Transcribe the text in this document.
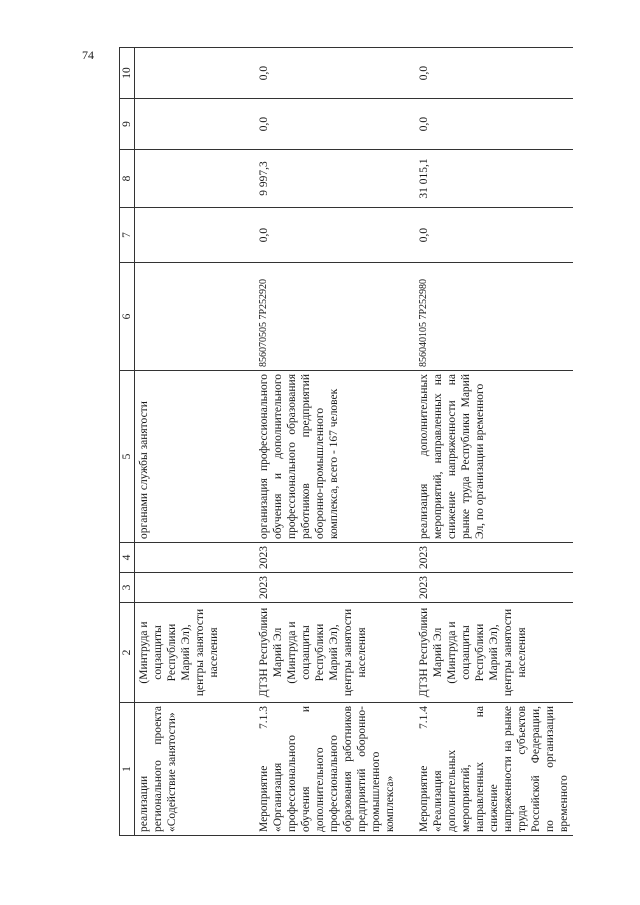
74
1	2	3	4	5	6	7	8	9	10
реализации регионального проекта «Содействие занятости»	(Минтруда и соцзащиты Республики Марий Эл), центры занятости населения			органами службы занятости					
Мероприятие 7.1.3 «Организация профессионального обучения и дополнительного профессионального образования работников предприятий оборонно-промышленного комплекса»	ДТЗН Республики Марий Эл (Минтруда и соцзащиты Республики Марий Эл), центры занятости населения	2023	2023	организация профессионального обучения и дополнительного профессионального образования работников предприятий оборонно-промышленного комплекса, всего - 167 человек	856070505 7P252920	0,0	9 997,3	0,0	0,0
Мероприятие 7.1.4 «Реализация дополнительных мероприятий, направленных на снижение напряженности на рынке труда субъектов Российской Федерации, по организации временного	ДТЗН Республики Марий Эл (Минтруда и соцзащиты Республики Марий Эл), центры занятости населения	2023	2023	реализация дополнительных мероприятий, направленных на снижение напряженности на рынке труда Республики Марий Эл, по организации временного	856040105 7P252980	0,0	31 015,1	0,0	0,0
